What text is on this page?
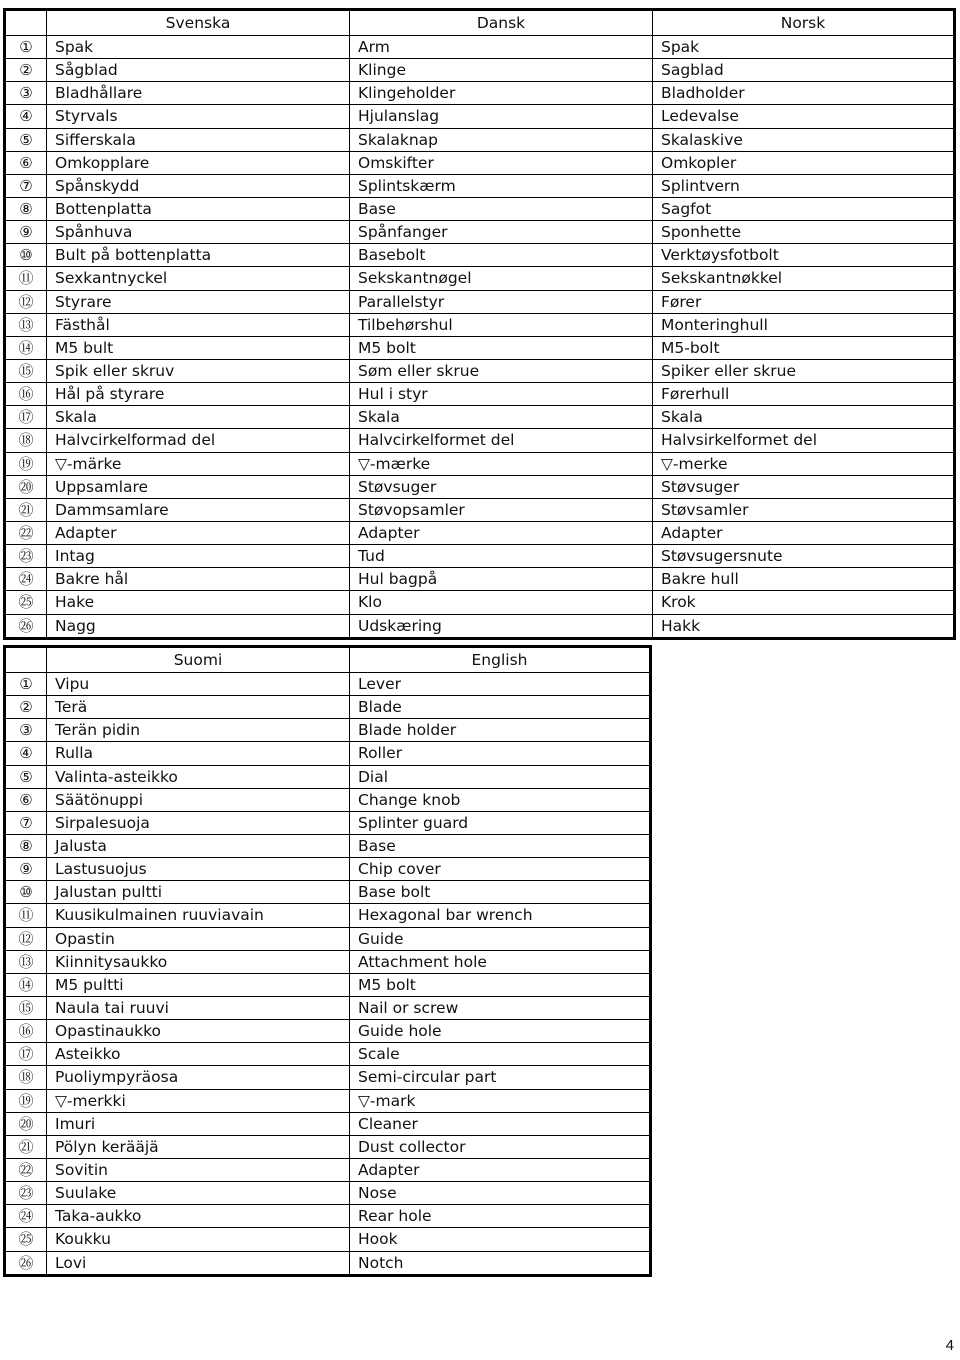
	Svenska	Dansk	Norsk
①	Spak	Arm	Spak
②	Sågblad	Klinge	Sagblad
③	Bladhållare	Klingeholder	Bladholder
④	Styrvals	Hjulanslag	Ledevalse
⑤	Sifferskala	Skalaknap	Skalaskive
⑥	Omkopplare	Omskifter	Omkopler
⑦	Spånskydd	Splintskærm	Splintvern
⑧	Bottenplatta	Base	Sagfot
⑨	Spånhuva	Spånfanger	Sponhette
⑩	Bult på bottenplatta	Basebolt	Verktøysfotbolt
⑪	Sexkantnyckel	Sekskantnøgel	Sekskantnøkkel
⑫	Styrare	Parallelstyr	Fører
⑬	Fästhål	Tilbehørshul	Monteringhull
⑭	M5 bult	M5 bolt	M5-bolt
⑮	Spik eller skruv	Søm eller skrue	Spiker eller skrue
⑯	Hål på styrare	Hul i styr	Førerhull
⑰	Skala	Skala	Skala
⑱	Halvcirkelformad del	Halvcirkelformet del	Halvsirkelformet del
⑲	▽-märke	▽-mærke	▽-merke
⑳	Uppsamlare	Støvsuger	Støvsuger
㉑	Dammsamlare	Støvopsamler	Støvsamler
㉒	Adapter	Adapter	Adapter
㉓	Intag	Tud	Støvsugersnute
㉔	Bakre hål	Hul bagpå	Bakre hull
㉕	Hake	Klo	Krok
㉖	Nagg	Udskæring	Hakk
	Suomi	English
①	Vipu	Lever
②	Terä	Blade
③	Terän pidin	Blade holder
④	Rulla	Roller
⑤	Valinta-asteikko	Dial
⑥	Säätönuppi	Change knob
⑦	Sirpalesuoja	Splinter guard
⑧	Jalusta	Base
⑨	Lastusuojus	Chip cover
⑩	Jalustan pultti	Base bolt
⑪	Kuusikulmainen ruuviavain	Hexagonal bar wrench
⑫	Opastin	Guide
⑬	Kiinnitysaukko	Attachment hole
⑭	M5 pultti	M5 bolt
⑮	Naula tai ruuvi	Nail or screw
⑯	Opastinaukko	Guide hole
⑰	Asteikko	Scale
⑱	Puoliympyräosa	Semi-circular part
⑲	▽-merkki	▽-mark
⑳	Imuri	Cleaner
㉑	Pölyn kerääjä	Dust collector
㉒	Sovitin	Adapter
㉓	Suulake	Nose
㉔	Taka-aukko	Rear hole
㉕	Koukku	Hook
㉖	Lovi	Notch
4
